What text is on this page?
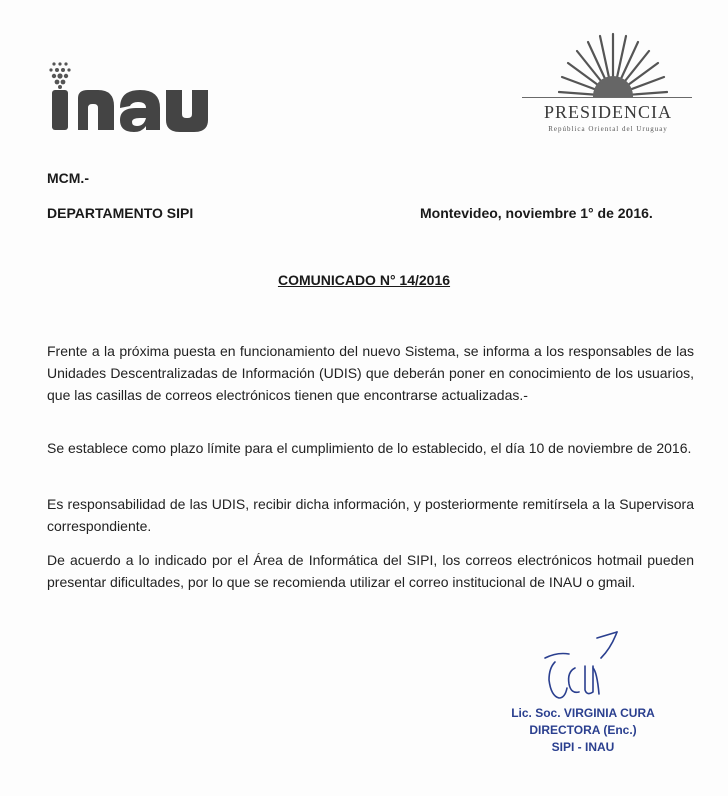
PRESIDENCIA
República Oriental del Uruguay
MCM.-
DEPARTAMENTO SIPI	Montevideo, noviembre 1° de 2016.
COMUNICADO N° 14/2016
Frente a la próxima puesta en funcionamiento del nuevo Sistema, se informa a los responsables de las Unidades Descentralizadas de Información (UDIS) que deberán poner en conocimiento de los usuarios, que las casillas de correos electrónicos tienen que encontrarse actualizadas.-
Se establece como plazo límite para el cumplimiento de lo establecido, el día 10 de noviembre de 2016.
Es responsabilidad de las UDIS, recibir dicha información, y posteriormente remitírsela a la Supervisora correspondiente.
De acuerdo a lo indicado por el Área de Informática del SIPI, los correos electrónicos hotmail pueden presentar dificultades, por lo que se recomienda utilizar el correo institucional de INAU o gmail.
Lic. Soc. VIRGINIA CURA
DIRECTORA (Enc.)
SIPI - INAU
